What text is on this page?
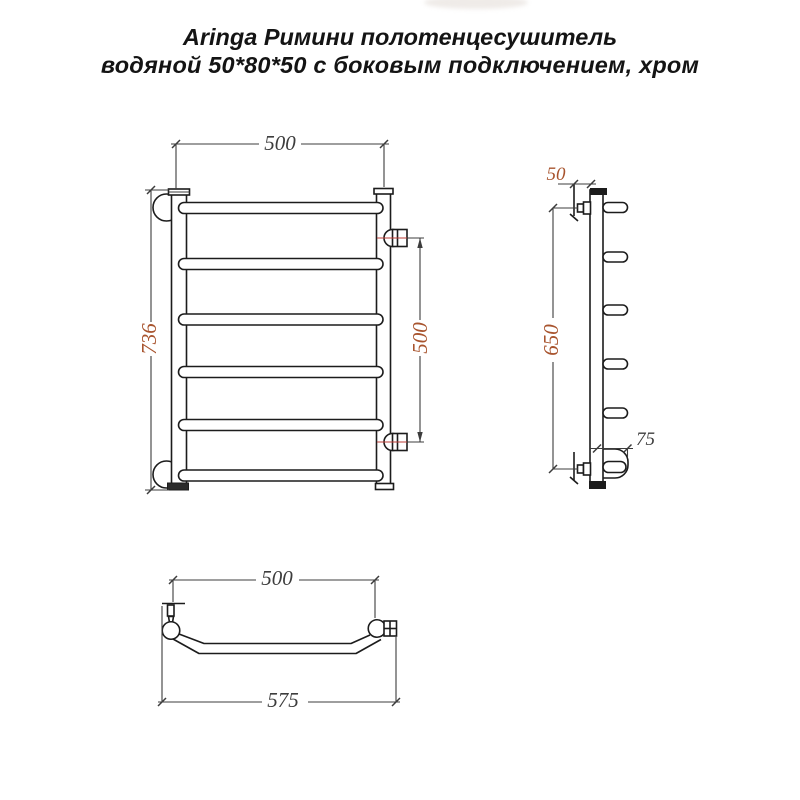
Aringa Римини полотенцесушитель
водяной 50*80*50 с боковым подключением, хром
500
736	500
50
650
75
500
575
